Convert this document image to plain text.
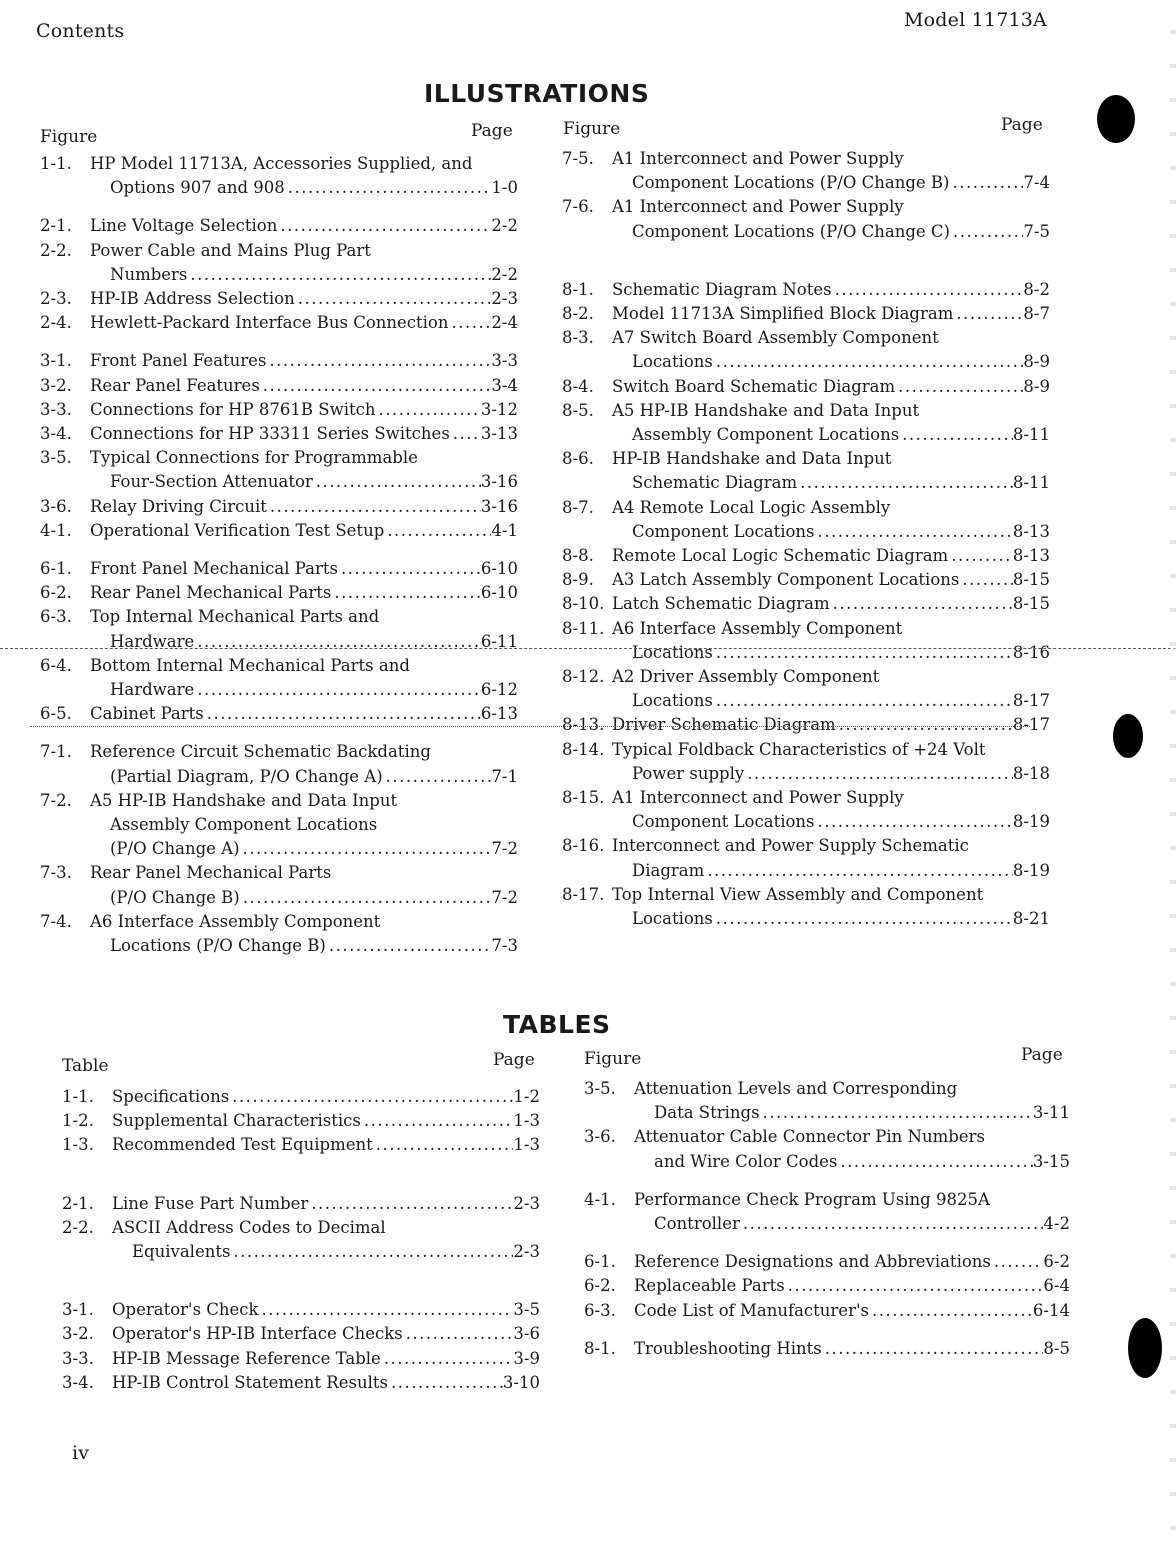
Contents	Model 11713A
ILLUSTRATIONS
Figure	Page	Figure	Page
1-1. HP Model 11713A, Accessories Supplied, and
Options 907 and 908 .....	1-0
2-1. Line Voltage Selection .....	2-2
2-2. Power Cable and Mains Plug Part
Numbers .....	2-2
2-3. HP-IB Address Selection .....	2-3
2-4. Hewlett-Packard Interface Bus Connection .....	2-4
3-1. Front Panel Features .....	3-3
3-2. Rear Panel Features .....	3-4
3-3. Connections for HP 8761B Switch .....	3-12
3-4. Connections for HP 33311 Series Switches ..... 3-13
3-5. Typical Connections for Programmable
Four-Section Attenuator .....	3-16
3-6. Relay Driving Circuit .....	3-16
4-1. Operational Verification Test Setup .....	4-1
6-1. Front Panel Mechanical Parts .....	6-10
6-2. Rear Panel Mechanical Parts .....	6-10
6-3. Top Internal Mechanical Parts and
Hardware .....	6-11
6-4. Bottom Internal Mechanical Parts and
Hardware .....	6-12
6-5. Cabinet Parts .....	6-13
7-1. Reference Circuit Schematic Backdating
(Partial Diagram, P/O Change A) .....	7-1
7-2. A5 HP-IB Handshake and Data Input
Assembly Component Locations
(P/O Change A) .....	7-2
7-3. Rear Panel Mechanical Parts
(P/O Change B) .....	7-2
7-4. A6 Interface Assembly Component
Locations (P/O Change B) .....	7-3
7-5. A1 Interconnect and Power Supply
Component Locations (P/O Change B) .....	7-4
7-6. A1 Interconnect and Power Supply
Component Locations (P/O Change C) .....	7-5
8-1. Schematic Diagram Notes .....	8-2
8-2. Model 11713A Simplified Block Diagram .....	8-7
8-3. A7 Switch Board Assembly Component
Locations .....	8-9
8-4. Switch Board Schematic Diagram .....	8-9
8-5. A5 HP-IB Handshake and Data Input
Assembly Component Locations .....	8-11
8-6. HP-IB Handshake and Data Input
Schematic Diagram .....	8-11
8-7. A4 Remote Local Logic Assembly
Component Locations .....	8-13
8-8. Remote Local Logic Schematic Diagram .....	8-13
8-9. A3 Latch Assembly Component Locations .....	8-15
8-10. Latch Schematic Diagram .....	8-15
8-11. A6 Interface Assembly Component
Locations .....	8-16
8-12. A2 Driver Assembly Component
Locations .....	8-17
8-13. Driver Schematic Diagram .....	8-17
8-14. Typical Foldback Characteristics of +24 Volt
Power supply .....	8-18
8-15. A1 Interconnect and Power Supply
Component Locations .....	8-19
8-16. Interconnect and Power Supply Schematic
Diagram .....	8-19
8-17. Top Internal View Assembly and Component
Locations .....	8-21
TABLES
Table	Page	Figure	Page
1-1. Specifications .....	1-2
1-2. Supplemental Characteristics .....	1-3
1-3. Recommended Test Equipment .....	1-3
2-1. Line Fuse Part Number .....	2-3
2-2. ASCII Address Codes to Decimal
Equivalents .....	2-3
3-1. Operator's Check .....	3-5
3-2. Operator's HP-IB Interface Checks .....	3-6
3-3. HP-IB Message Reference Table .....	3-9
3-4. HP-IB Control Statement Results .....	3-10
3-5. Attenuation Levels and Corresponding
Data Strings .....	3-11
3-6. Attenuator Cable Connector Pin Numbers
and Wire Color Codes .....	3-15
4-1. Performance Check Program Using 9825A
Controller .....	4-2
6-1. Reference Designations and Abbreviations .....	6-2
6-2. Replaceable Parts .....	6-4
6-3. Code List of Manufacturer's .....	6-14
8-1. Troubleshooting Hints .....	8-5
iv
